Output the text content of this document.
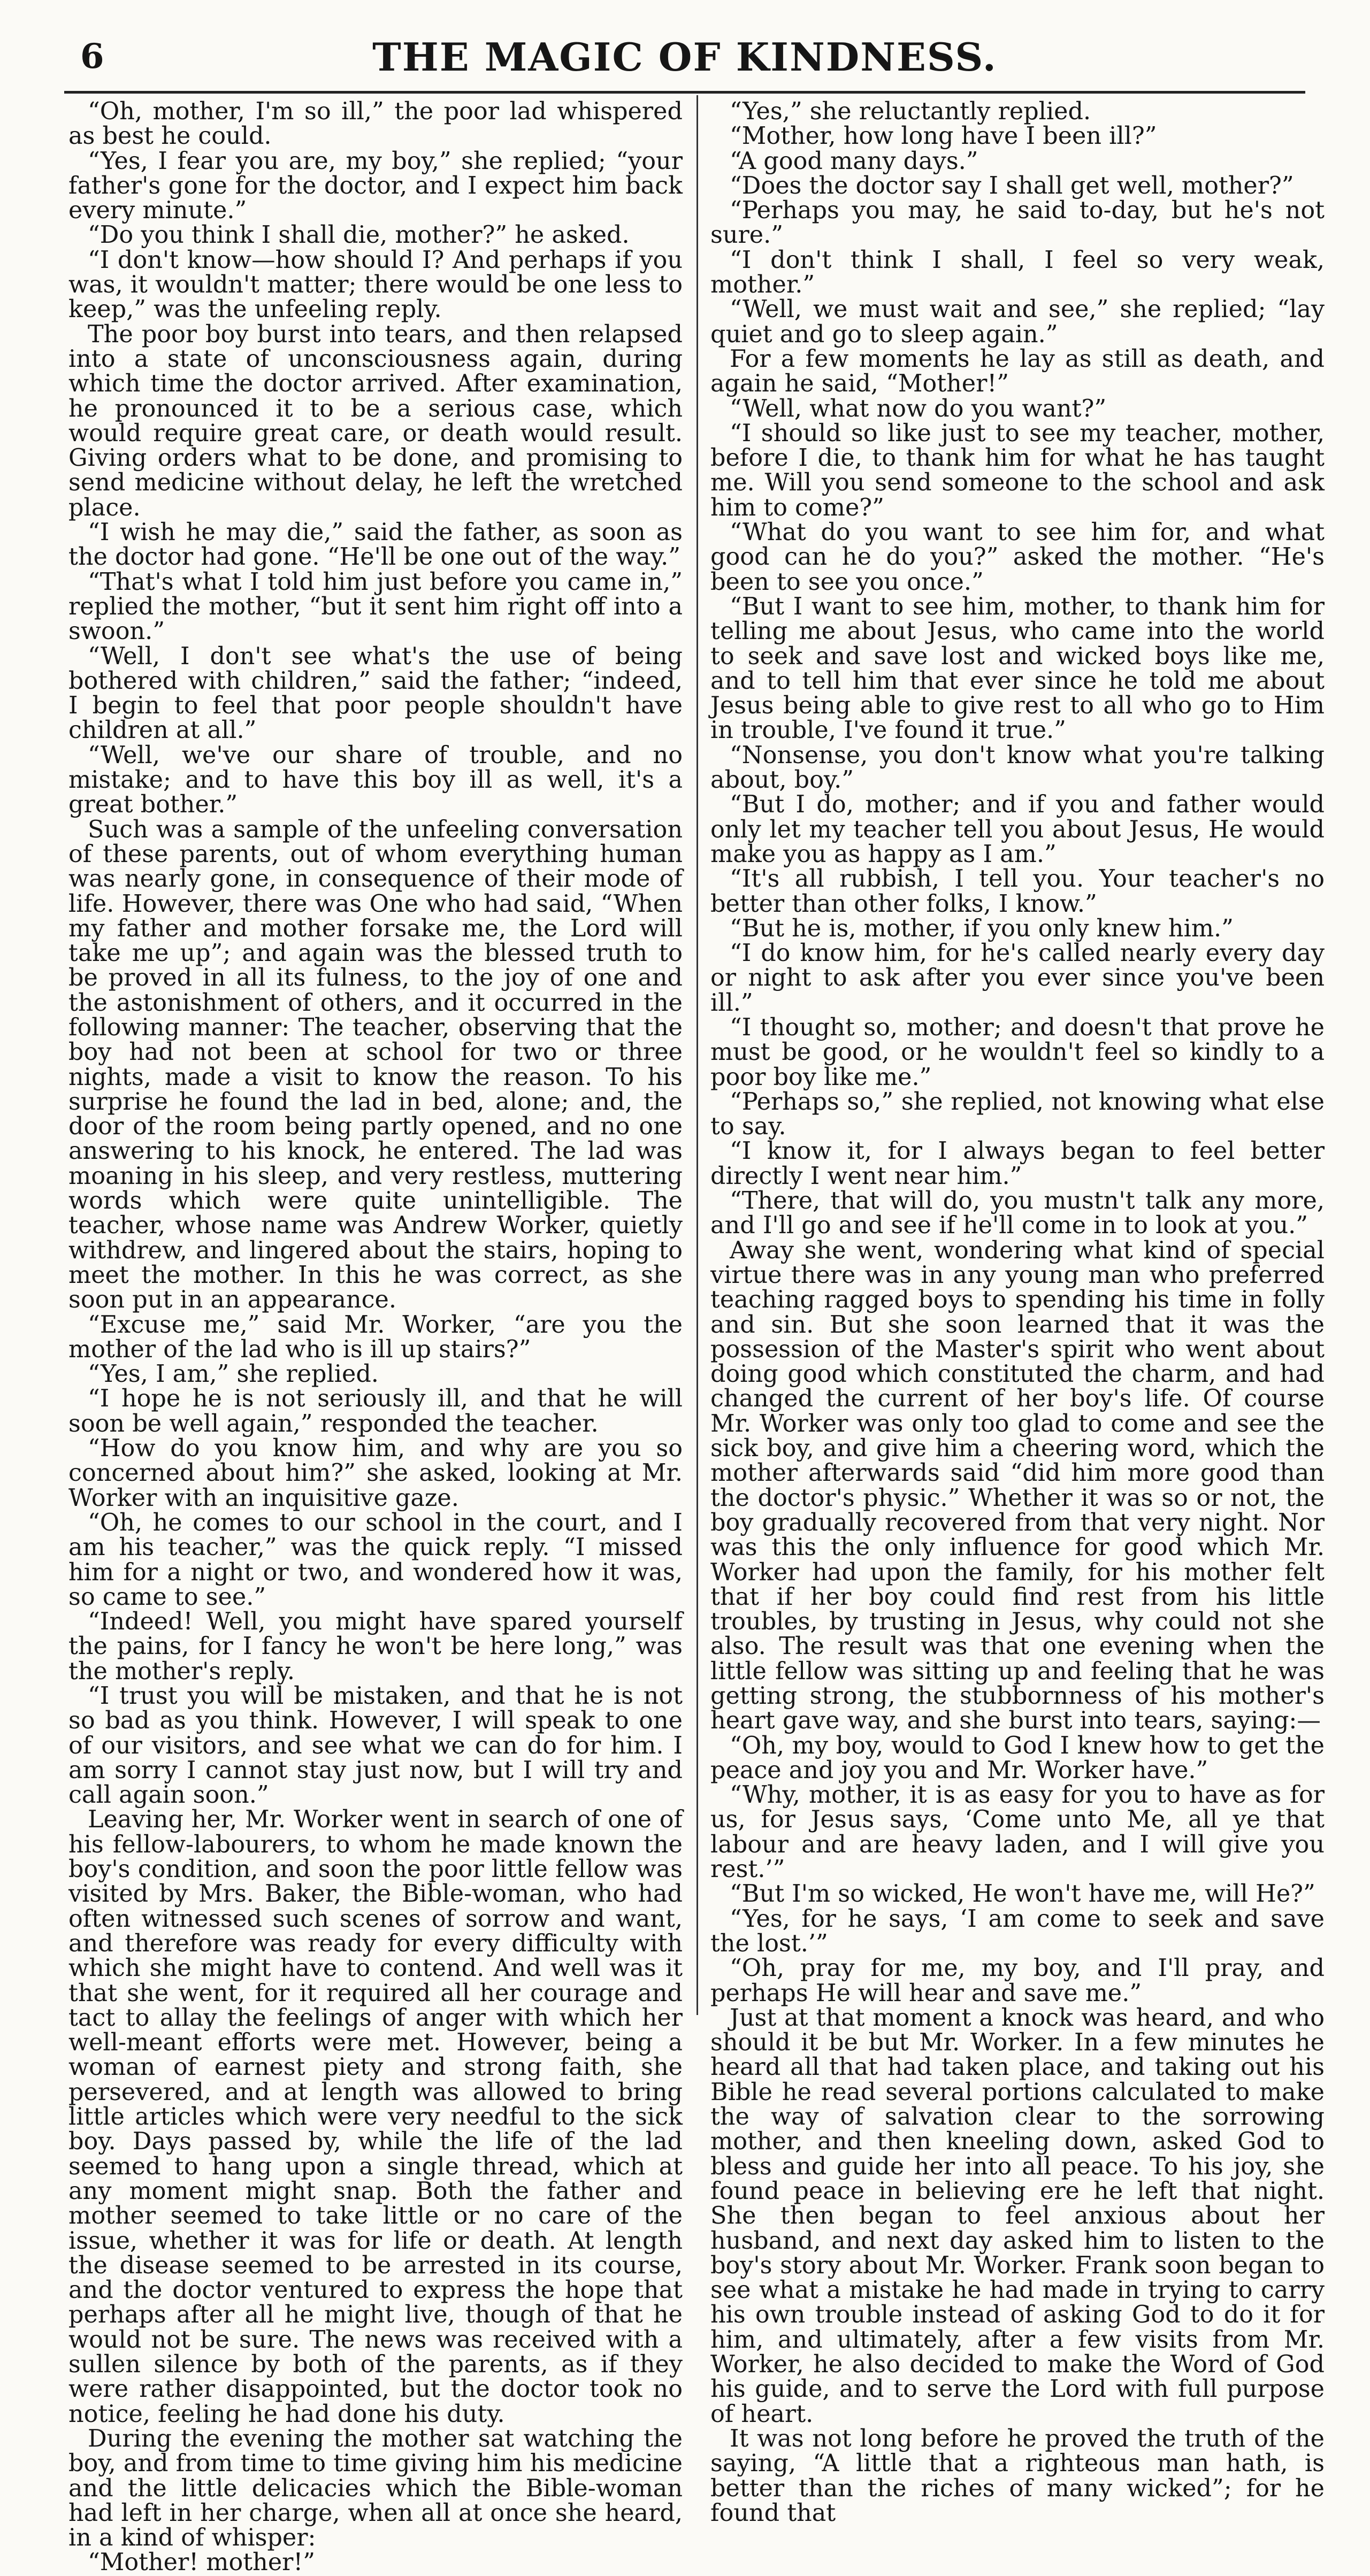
6	THE MAGIC OF KINDNESS.

“Oh, mother, I'm so ill,” the poor lad whispered as best he could.

“Yes, I fear you are, my boy,” she replied; “your father's gone for the doctor, and I expect him back every minute.”

“Do you think I shall die, mother?” he asked.

“I don't know—how should I? And perhaps if you was, it wouldn't matter; there would be one less to keep,” was the unfeeling reply.

The poor boy burst into tears, and then relapsed into a state of unconsciousness again, during which time the doctor arrived. After examination, he pronounced it to be a serious case, which would require great care, or death would result. Giving orders what to be done, and promising to send medicine without delay, he left the wretched place.

“I wish he may die,” said the father, as soon as the doctor had gone. “He'll be one out of the way.”

“That's what I told him just before you came in,” replied the mother, “but it sent him right off into a swoon.”

“Well, I don't see what's the use of being bothered with children,” said the father; “indeed, I begin to feel that poor people shouldn't have children at all.”

“Well, we've our share of trouble, and no mistake; and to have this boy ill as well, it's a great bother.”

Such was a sample of the unfeeling conversation of these parents, out of whom everything human was nearly gone, in consequence of their mode of life. However, there was One who had said, “When my father and mother forsake me, the Lord will take me up”; and again was the blessed truth to be proved in all its fulness, to the joy of one and the astonishment of others, and it occurred in the following manner: The teacher, observing that the boy had not been at school for two or three nights, made a visit to know the reason. To his surprise he found the lad in bed, alone; and, the door of the room being partly opened, and no one answering to his knock, he entered. The lad was moaning in his sleep, and very restless, muttering words which were quite unintelligible. The teacher, whose name was Andrew Worker, quietly withdrew, and lingered about the stairs, hoping to meet the mother. In this he was correct, as she soon put in an appearance.

“Excuse me,” said Mr. Worker, “are you the mother of the lad who is ill up stairs?”

“Yes, I am,” she replied.

“I hope he is not seriously ill, and that he will soon be well again,” responded the teacher.

“How do you know him, and why are you so concerned about him?” she asked, looking at Mr. Worker with an inquisitive gaze.

“Oh, he comes to our school in the court, and I am his teacher,” was the quick reply. “I missed him for a night or two, and wondered how it was, so came to see.”

“Indeed! Well, you might have spared yourself the pains, for I fancy he won't be here long,” was the mother's reply.

“I trust you will be mistaken, and that he is not so bad as you think. However, I will speak to one of our visitors, and see what we can do for him. I am sorry I cannot stay just now, but I will try and call again soon.”

Leaving her, Mr. Worker went in search of one of his fellow-labourers, to whom he made known the boy's condition, and soon the poor little fellow was visited by Mrs. Baker, the Bible-woman, who had often witnessed such scenes of sorrow and want, and therefore was ready for every difficulty with which she might have to contend. And well was it that she went, for it required all her courage and tact to allay the feelings of anger with which her well-meant efforts were met. However, being a woman of earnest piety and strong faith, she persevered, and at length was allowed to bring little articles which were very needful to the sick boy. Days passed by, while the life of the lad seemed to hang upon a single thread, which at any moment might snap. Both the father and mother seemed to take little or no care of the issue, whether it was for life or death. At length the disease seemed to be arrested in its course, and the doctor ventured to express the hope that perhaps after all he might live, though of that he would not be sure. The news was received with a sullen silence by both of the parents, as if they were rather disappointed, but the doctor took no notice, feeling he had done his duty.

During the evening the mother sat watching the boy, and from time to time giving him his medicine and the little delicacies which the Bible-woman had left in her charge, when all at once she heard, in a kind of whisper:

“Mother! mother!”

“Yes,” she reluctantly replied.

“Mother, how long have I been ill?”

“A good many days.”

“Does the doctor say I shall get well, mother?”

“Perhaps you may, he said to-day, but he's not sure.”

“I don't think I shall, I feel so very weak, mother.”

“Well, we must wait and see,” she replied; “lay quiet and go to sleep again.”

For a few moments he lay as still as death, and again he said, “Mother!”

“Well, what now do you want?”

“I should so like just to see my teacher, mother, before I die, to thank him for what he has taught me. Will you send someone to the school and ask him to come?”

“What do you want to see him for, and what good can he do you?” asked the mother. “He's been to see you once.”

“But I want to see him, mother, to thank him for telling me about Jesus, who came into the world to seek and save lost and wicked boys like me, and to tell him that ever since he told me about Jesus being able to give rest to all who go to Him in trouble, I've found it true.”

“Nonsense, you don't know what you're talking about, boy.”

“But I do, mother; and if you and father would only let my teacher tell you about Jesus, He would make you as happy as I am.”

“It's all rubbish, I tell you. Your teacher's no better than other folks, I know.”

“But he is, mother, if you only knew him.”

“I do know him, for he's called nearly every day or night to ask after you ever since you've been ill.”

“I thought so, mother; and doesn't that prove he must be good, or he wouldn't feel so kindly to a poor boy like me.”

“Perhaps so,” she replied, not knowing what else to say.

“I know it, for I always began to feel better directly I went near him.”

“There, that will do, you mustn't talk any more, and I'll go and see if he'll come in to look at you.”

Away she went, wondering what kind of special virtue there was in any young man who preferred teaching ragged boys to spending his time in folly and sin. But she soon learned that it was the possession of the Master's spirit who went about doing good which constituted the charm, and had changed the current of her boy's life. Of course Mr. Worker was only too glad to come and see the sick boy, and give him a cheering word, which the mother afterwards said “did him more good than the doctor's physic.” Whether it was so or not, the boy gradually recovered from that very night. Nor was this the only influence for good which Mr. Worker had upon the family, for his mother felt that if her boy could find rest from his little troubles, by trusting in Jesus, why could not she also. The result was that one evening when the little fellow was sitting up and feeling that he was getting strong, the stubbornness of his mother's heart gave way, and she burst into tears, saying:—

“Oh, my boy, would to God I knew how to get the peace and joy you and Mr. Worker have.”

“Why, mother, it is as easy for you to have as for us, for Jesus says, ‘Come unto Me, all ye that labour and are heavy laden, and I will give you rest.’”

“But I'm so wicked, He won't have me, will He?”

“Yes, for he says, ‘I am come to seek and save the lost.’”

“Oh, pray for me, my boy, and I'll pray, and perhaps He will hear and save me.”

Just at that moment a knock was heard, and who should it be but Mr. Worker. In a few minutes he heard all that had taken place, and taking out his Bible he read several portions calculated to make the way of salvation clear to the sorrowing mother, and then kneeling down, asked God to bless and guide her into all peace. To his joy, she found peace in believing ere he left that night. She then began to feel anxious about her husband, and next day asked him to listen to the boy's story about Mr. Worker. Frank soon began to see what a mistake he had made in trying to carry his own trouble instead of asking God to do it for him, and ultimately, after a few visits from Mr. Worker, he also decided to make the Word of God his guide, and to serve the Lord with full purpose of heart.

It was not long before he proved the truth of the saying, “A little that a righteous man hath, is better than the riches of many wicked”; for he found that
